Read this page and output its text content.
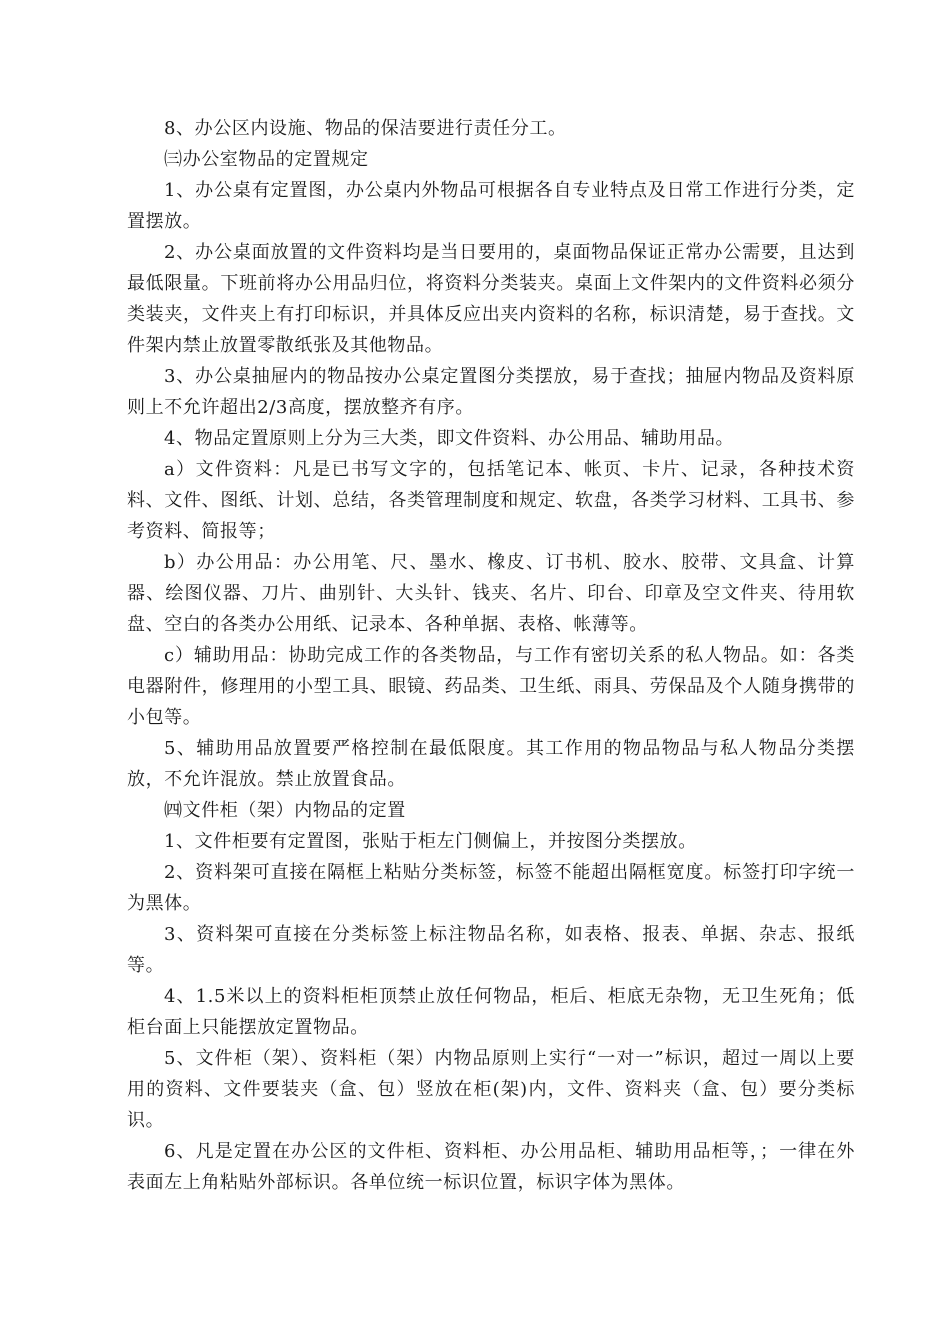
8、办公区内设施、物品的保洁要进行责任分工。

㈢办公室物品的定置规定

1、办公桌有定置图，办公桌内外物品可根据各自专业特点及日常工作进行分类，定置摆放。

2、办公桌面放置的文件资料均是当日要用的，桌面物品保证正常办公需要，且达到最低限量。下班前将办公用品归位，将资料分类装夹。桌面上文件架内的文件资料必须分类装夹，文件夹上有打印标识，并具体反应出夹内资料的名称，标识清楚，易于查找。文件架内禁止放置零散纸张及其他物品。

3、办公桌抽屉内的物品按办公桌定置图分类摆放，易于查找；抽屉内物品及资料原则上不允许超出2/3高度，摆放整齐有序。

4、物品定置原则上分为三大类，即文件资料、办公用品、辅助用品。

a）文件资料：凡是已书写文字的，包括笔记本、帐页、卡片、记录，各种技术资料、文件、图纸、计划、总结，各类管理制度和规定、软盘，各类学习材料、工具书、参考资料、简报等；

b）办公用品：办公用笔、尺、墨水、橡皮、订书机、胶水、胶带、文具盒、计算器、绘图仪器、刀片、曲别针、大头针、钱夹、名片、印台、印章及空文件夹、待用软盘、空白的各类办公用纸、记录本、各种单据、表格、帐薄等。

c）辅助用品：协助完成工作的各类物品，与工作有密切关系的私人物品。如：各类电器附件，修理用的小型工具、眼镜、药品类、卫生纸、雨具、劳保品及个人随身携带的小包等。

5、辅助用品放置要严格控制在最低限度。其工作用的物品物品与私人物品分类摆放，不允许混放。禁止放置食品。

㈣文件柜（架）内物品的定置

1、文件柜要有定置图，张贴于柜左门侧偏上，并按图分类摆放。

2、资料架可直接在隔框上粘贴分类标签，标签不能超出隔框宽度。标签打印字统一为黑体。

3、资料架可直接在分类标签上标注物品名称，如表格、报表、单据、杂志、报纸等。

4、1.5米以上的资料柜柜顶禁止放任何物品，柜后、柜底无杂物，无卫生死角；低柜台面上只能摆放定置物品。

5、文件柜（架）、资料柜（架）内物品原则上实行“一对一”标识，超过一周以上要用的资料、文件要装夹（盒、包）竖放在柜(架)内，文件、资料夹（盒、包）要分类标识。

6、凡是定置在办公区的文件柜、资料柜、办公用品柜、辅助用品柜等，；一律在外表面左上角粘贴外部标识。各单位统一标识位置，标识字体为黑体。
